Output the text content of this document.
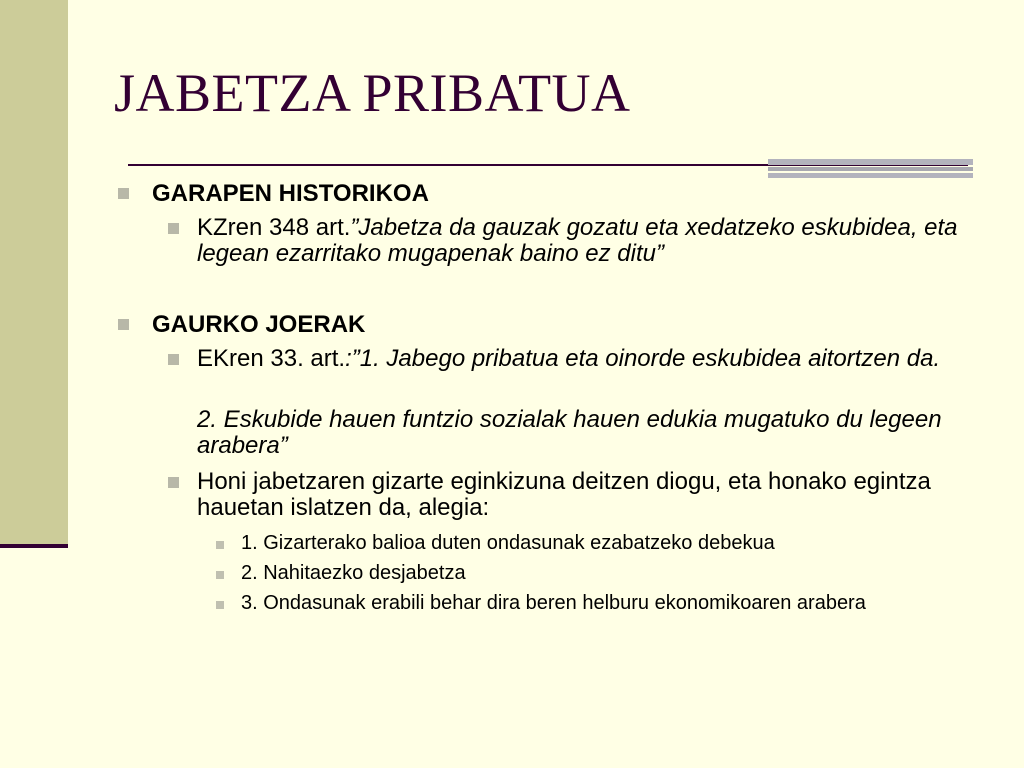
JABETZA PRIBATUA

GARAPEN HISTORIKOA

KZren 348 art.”Jabetza da gauzak gozatu eta xedatzeko eskubidea, eta legean ezarritako mugapenak baino ez ditu”

GAURKO JOERAK

EKren 33. art.:”1. Jabego pribatua eta oinorde eskubidea aitortzen da.

2. Eskubide hauen funtzio sozialak hauen edukia mugatuko du legeen arabera”

Honi jabetzaren gizarte eginkizuna deitzen diogu, eta honako egintza hauetan islatzen da, alegia:

1. Gizarterako balioa duten ondasunak ezabatzeko debekua

2. Nahitaezko desjabetza

3. Ondasunak erabili behar dira beren helburu ekonomikoaren arabera
